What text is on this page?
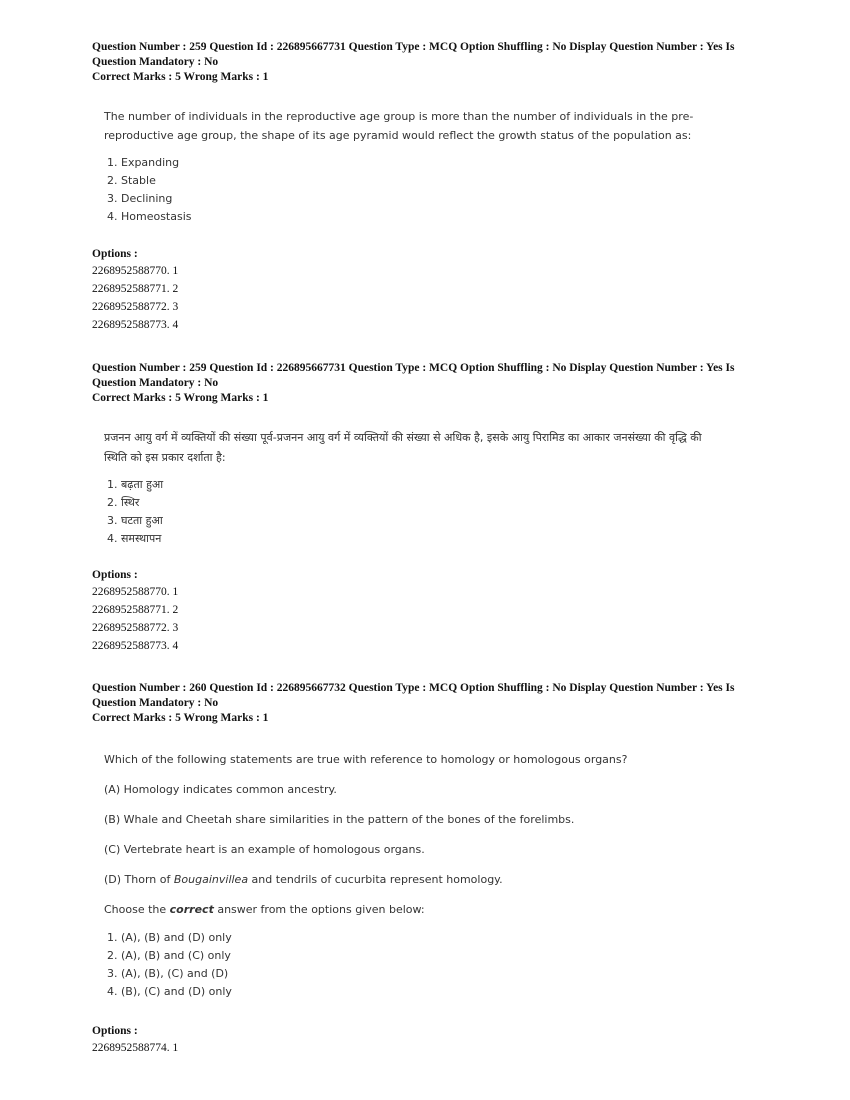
Question Number : 259 Question Id : 226895667731 Question Type : MCQ Option Shuffling : No Display Question Number : Yes Is

Question Mandatory : No

Correct Marks : 5 Wrong Marks : 1

The number of individuals in the reproductive age group is more than the number of individuals in the pre-reproductive age group, the shape of its age pyramid would reflect the growth status of the population as:

1. Expanding
2. Stable
3. Declining
4. Homeostasis

Options :

2268952588770. 1

2268952588771. 2

2268952588772. 3

2268952588773. 4

Question Number : 259 Question Id : 226895667731 Question Type : MCQ Option Shuffling : No Display Question Number : Yes Is

Question Mandatory : No

Correct Marks : 5 Wrong Marks : 1

प्रजनन आयु वर्ग में व्यक्तियों की संख्या पूर्व-प्रजनन आयु वर्ग में व्यक्तियों की संख्या से अधिक है, इसके आयु पिरामिड का आकार जनसंख्या की वृद्धि की स्थिति को इस प्रकार दर्शाता है:

1. बढ़ता हुआ
2. स्थिर
3. घटता हुआ
4. समस्थापन

Options :

2268952588770. 1

2268952588771. 2

2268952588772. 3

2268952588773. 4

Question Number : 260 Question Id : 226895667732 Question Type : MCQ Option Shuffling : No Display Question Number : Yes Is

Question Mandatory : No

Correct Marks : 5 Wrong Marks : 1

Which of the following statements are true with reference to homology or homologous organs?

(A) Homology indicates common ancestry.

(B) Whale and Cheetah share similarities in the pattern of the bones of the forelimbs.

(C) Vertebrate heart is an example of homologous organs.

(D) Thorn of Bougainvillea and tendrils of cucurbita represent homology.

Choose the correct answer from the options given below:

1. (A), (B) and (D) only
2. (A), (B) and (C) only
3. (A), (B), (C) and (D)
4. (B), (C) and (D) only

Options :

2268952588774. 1
